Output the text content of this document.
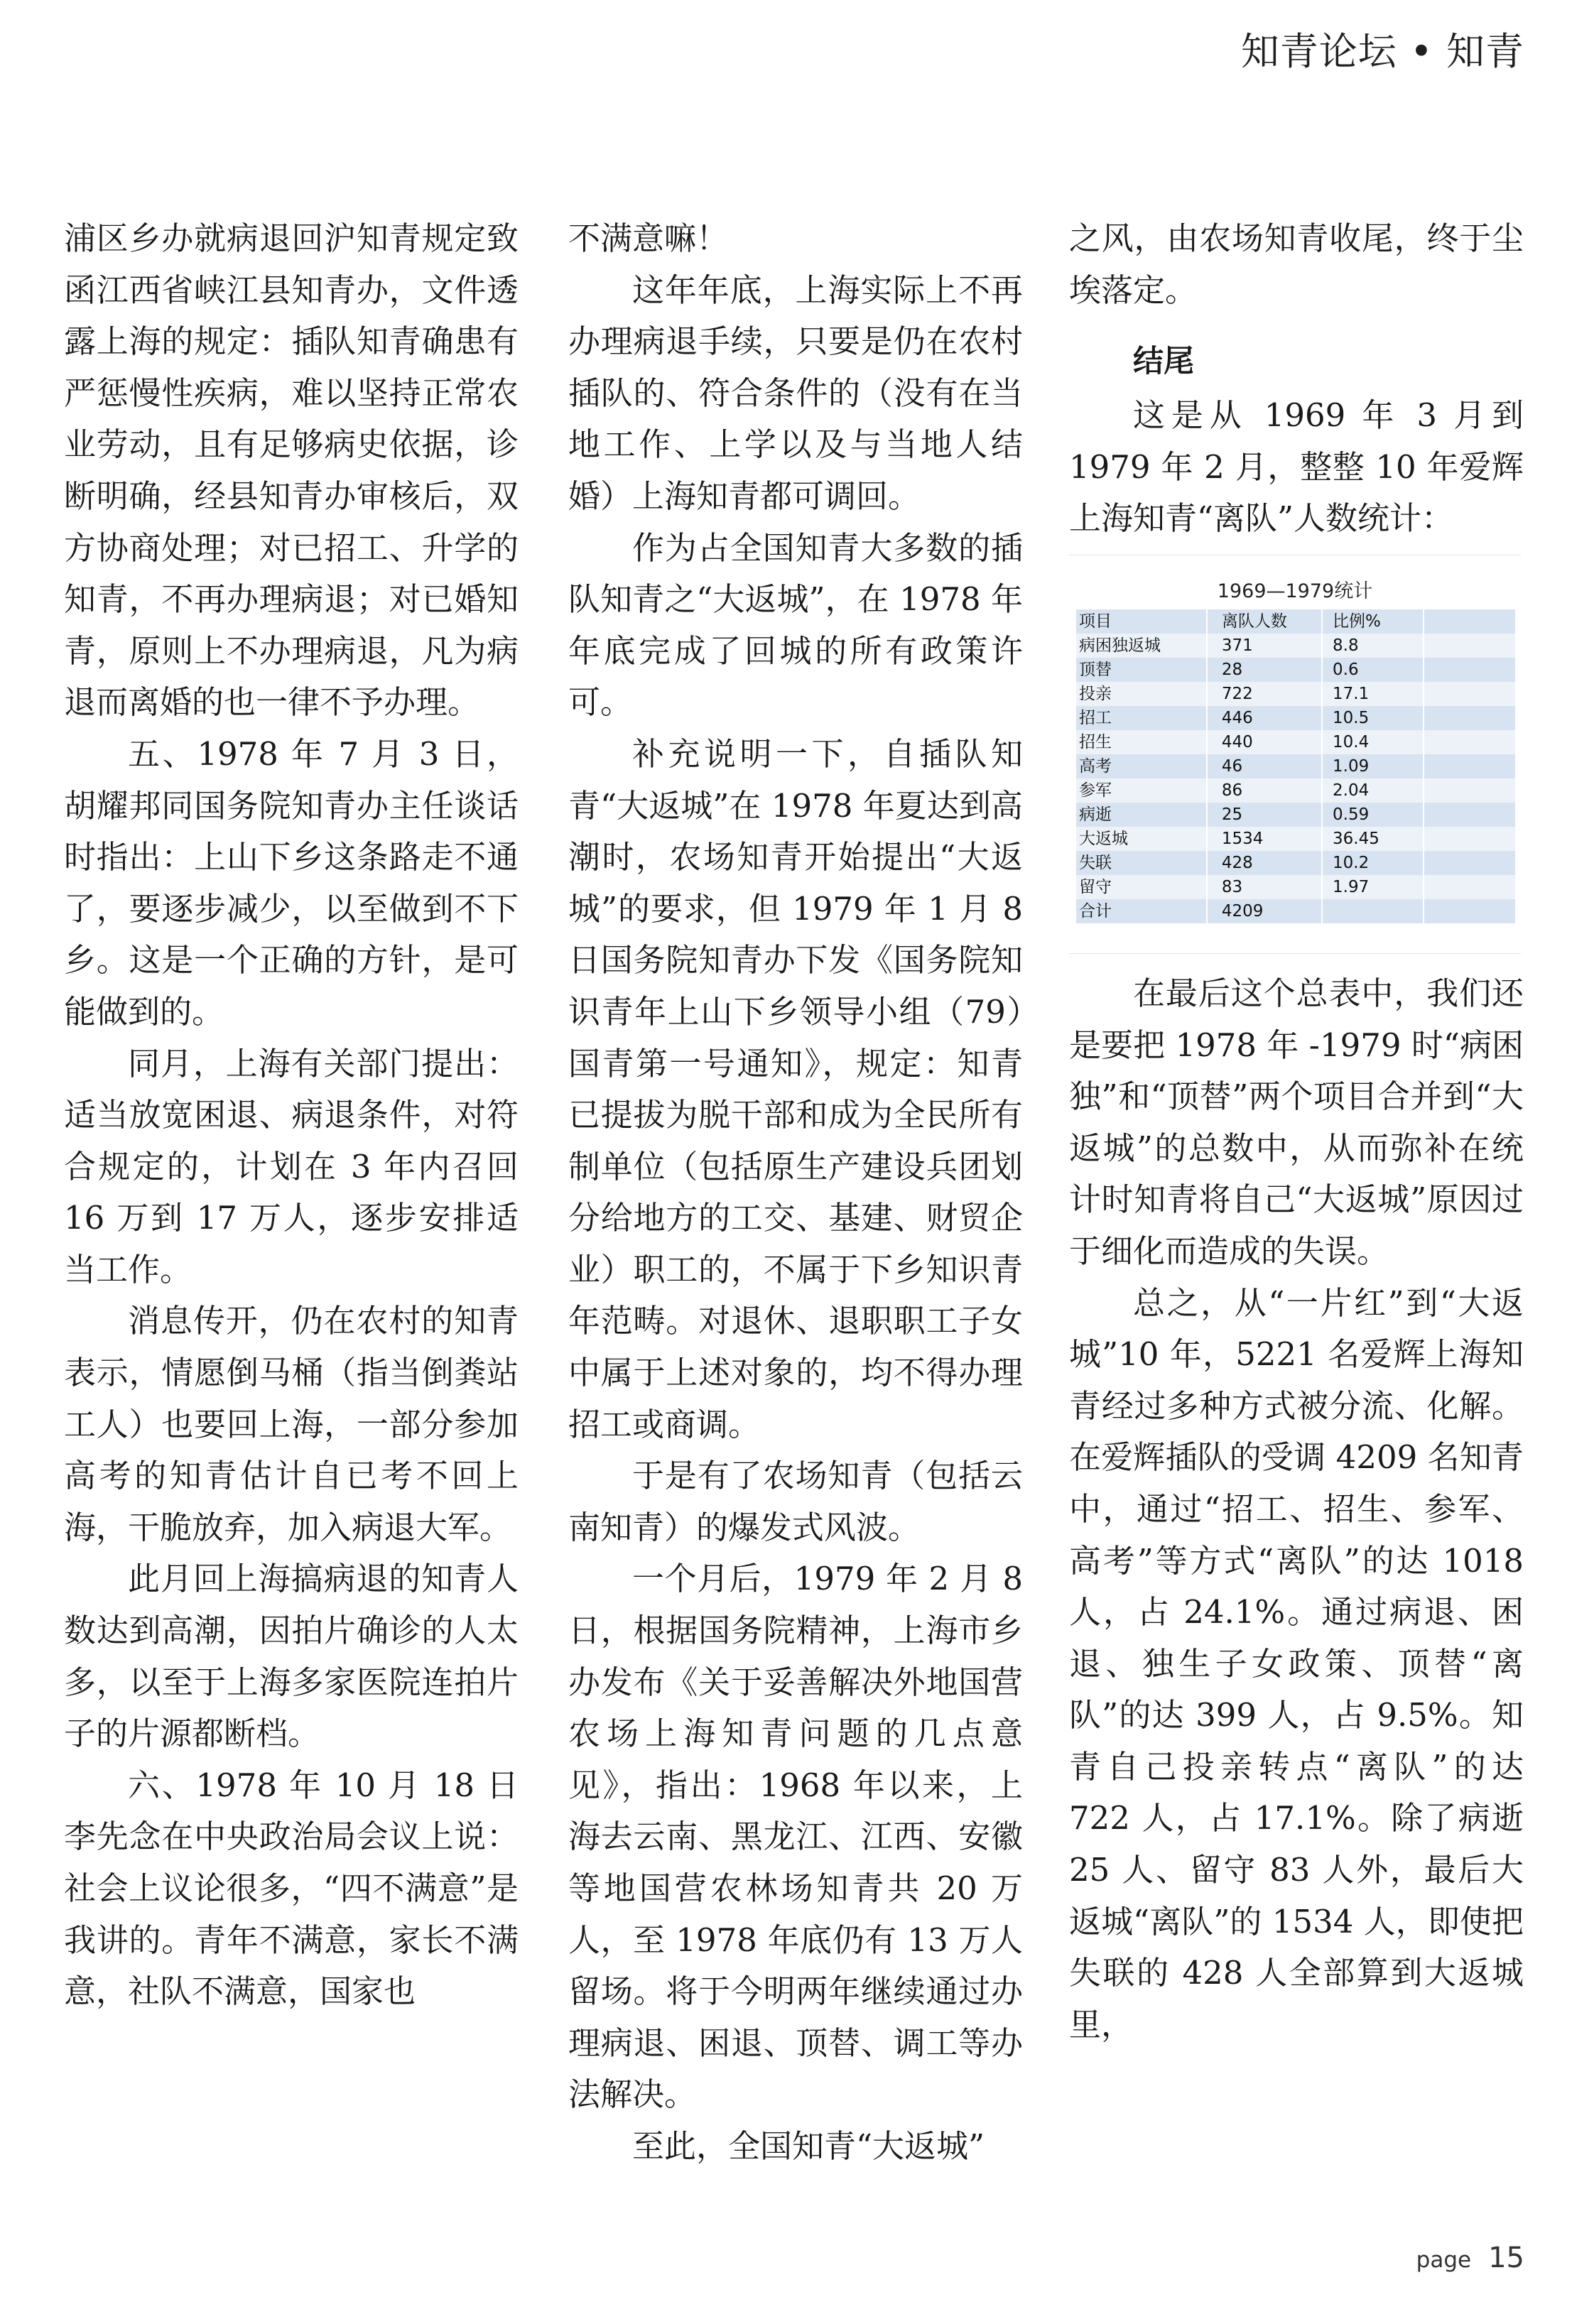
知青论坛 • 知青

浦区乡办就病退回沪知青规定致函江西省峡江县知青办，文件透露上海的规定：插队知青确患有严惩慢性疾病，难以坚持正常农业劳动，且有足够病史依据，诊断明确，经县知青办审核后，双方协商处理；对已招工、升学的知青，不再办理病退；对已婚知青，原则上不办理病退，凡为病退而离婚的也一律不予办理。

五、1978 年 7 月 3 日，胡耀邦同国务院知青办主任谈话时指出：上山下乡这条路走不通了，要逐步减少，以至做到不下乡。这是一个正确的方针，是可能做到的。

同月，上海有关部门提出：适当放宽困退、病退条件，对符合规定的，计划在 3 年内召回 16 万到 17 万人，逐步安排适当工作。

消息传开，仍在农村的知青表示，情愿倒马桶（指当倒粪站工人）也要回上海，一部分参加高考的知青估计自已考不回上海，干脆放弃，加入病退大军。

此月回上海搞病退的知青人数达到高潮，因拍片确诊的人太多，以至于上海多家医院连拍片子的片源都断档。

六、1978 年 10 月 18 日李先念在中央政治局会议上说：社会上议论很多，“四不满意”是我讲的。青年不满意，家长不满意，社队不满意，国家也

不满意嘛！

这年年底，上海实际上不再办理病退手续，只要是仍在农村插队的、符合条件的（没有在当地工作、上学以及与当地人结婚）上海知青都可调回。

作为占全国知青大多数的插队知青之“大返城”，在 1978 年年底完成了回城的所有政策许可。

补充说明一下，自插队知青“大返城”在 1978 年夏达到高潮时，农场知青开始提出“大返城”的要求，但 1979 年 1 月 8 日国务院知青办下发《国务院知识青年上山下乡领导小组（79）国青第一号通知》，规定：知青已提拔为脱干部和成为全民所有制单位（包括原生产建设兵团划分给地方的工交、基建、财贸企业）职工的，不属于下乡知识青年范畴。对退休、退职职工子女中属于上述对象的，均不得办理招工或商调。

于是有了农场知青（包括云南知青）的爆发式风波。

一个月后，1979 年 2 月 8 日，根据国务院精神，上海市乡办发布《关于妥善解决外地国营农场上海知青问题的几点意见》，指出：1968 年以来，上海去云南、黑龙江、江西、安徽等地国营农林场知青共 20 万人，至 1978 年底仍有 13 万人留场。将于今明两年继续通过办理病退、困退、顶替、调工等办法解决。

至此，全国知青“大返城”

之风，由农场知青收尾，终于尘埃落定。

结尾

这是从 1969 年 3 月到 1979 年 2 月，整整 10 年爱辉上海知青“离队”人数统计：

1969—1979统计
项目	离队人数	比例%	
病困独返城	371	8.8	
顶替	28	0.6	
投亲	722	17.1	
招工	446	10.5	
招生	440	10.4	
高考	46	1.09	
参军	86	2.04	
病逝	25	0.59	
大返城	1534	36.45	
失联	428	10.2	
留守	83	1.97	
合计	4209		

在最后这个总表中，我们还是要把 1978 年 -1979 时“病困独”和“顶替”两个项目合并到“大返城”的总数中，从而弥补在统计时知青将自己“大返城”原因过于细化而造成的失误。

总之，从“一片红”到“大返城”10 年，5221 名爱辉上海知青经过多种方式被分流、化解。在爱辉插队的受调 4209 名知青中，通过“招工、招生、参军、高考”等方式“离队”的达 1018 人，占 24.1%。通过病退、困退、独生子女政策、顶替“离队”的达 399 人，占 9.5%。知青自己投亲转点“离队”的达 722 人，占 17.1%。除了病逝 25 人、留守 83 人外，最后大返城“离队”的 1534 人，即使把失联的 428 人全部算到大返城里，

page 15
